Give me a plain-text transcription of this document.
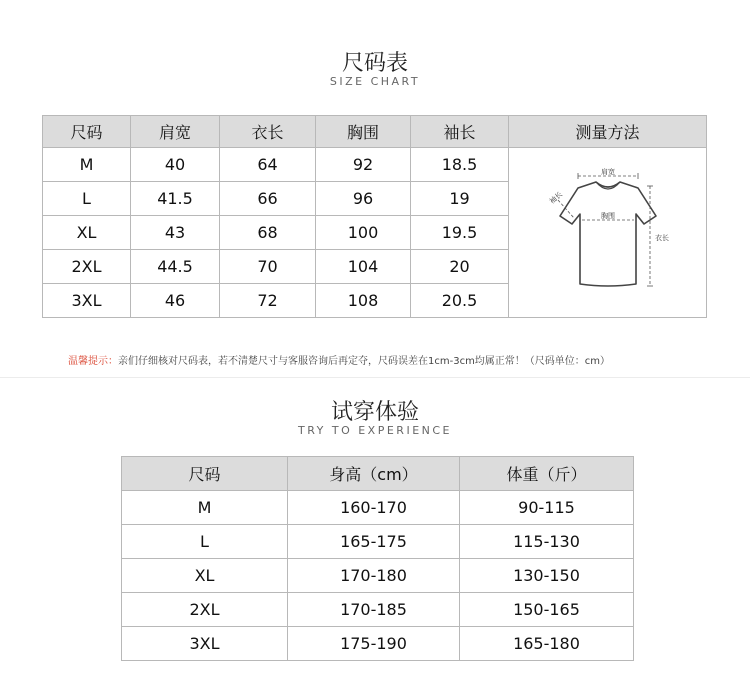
尺码表
SIZE CHART
尺码	肩宽	衣长	胸围	袖长	测量方法
M	40	64	92	18.5	肩宽
袖长
胸围
衣长

L	41.5	66	96	19	
XL	43	68	100	19.5	
2XL	44.5	70	104	20	
3XL	46	72	108	20.5	
温馨提示：亲们仔细核对尺码表，若不清楚尺寸与客服咨询后再定夺，尺码误差在1cm-3cm均属正常！（尺码单位：cm）
试穿体验
TRY TO EXPERIENCE
尺码	身高（cm）	体重（斤）
M	160-170	90-115
L	165-175	115-130
XL	170-180	130-150
2XL	170-185	150-165
3XL	175-190	165-180
